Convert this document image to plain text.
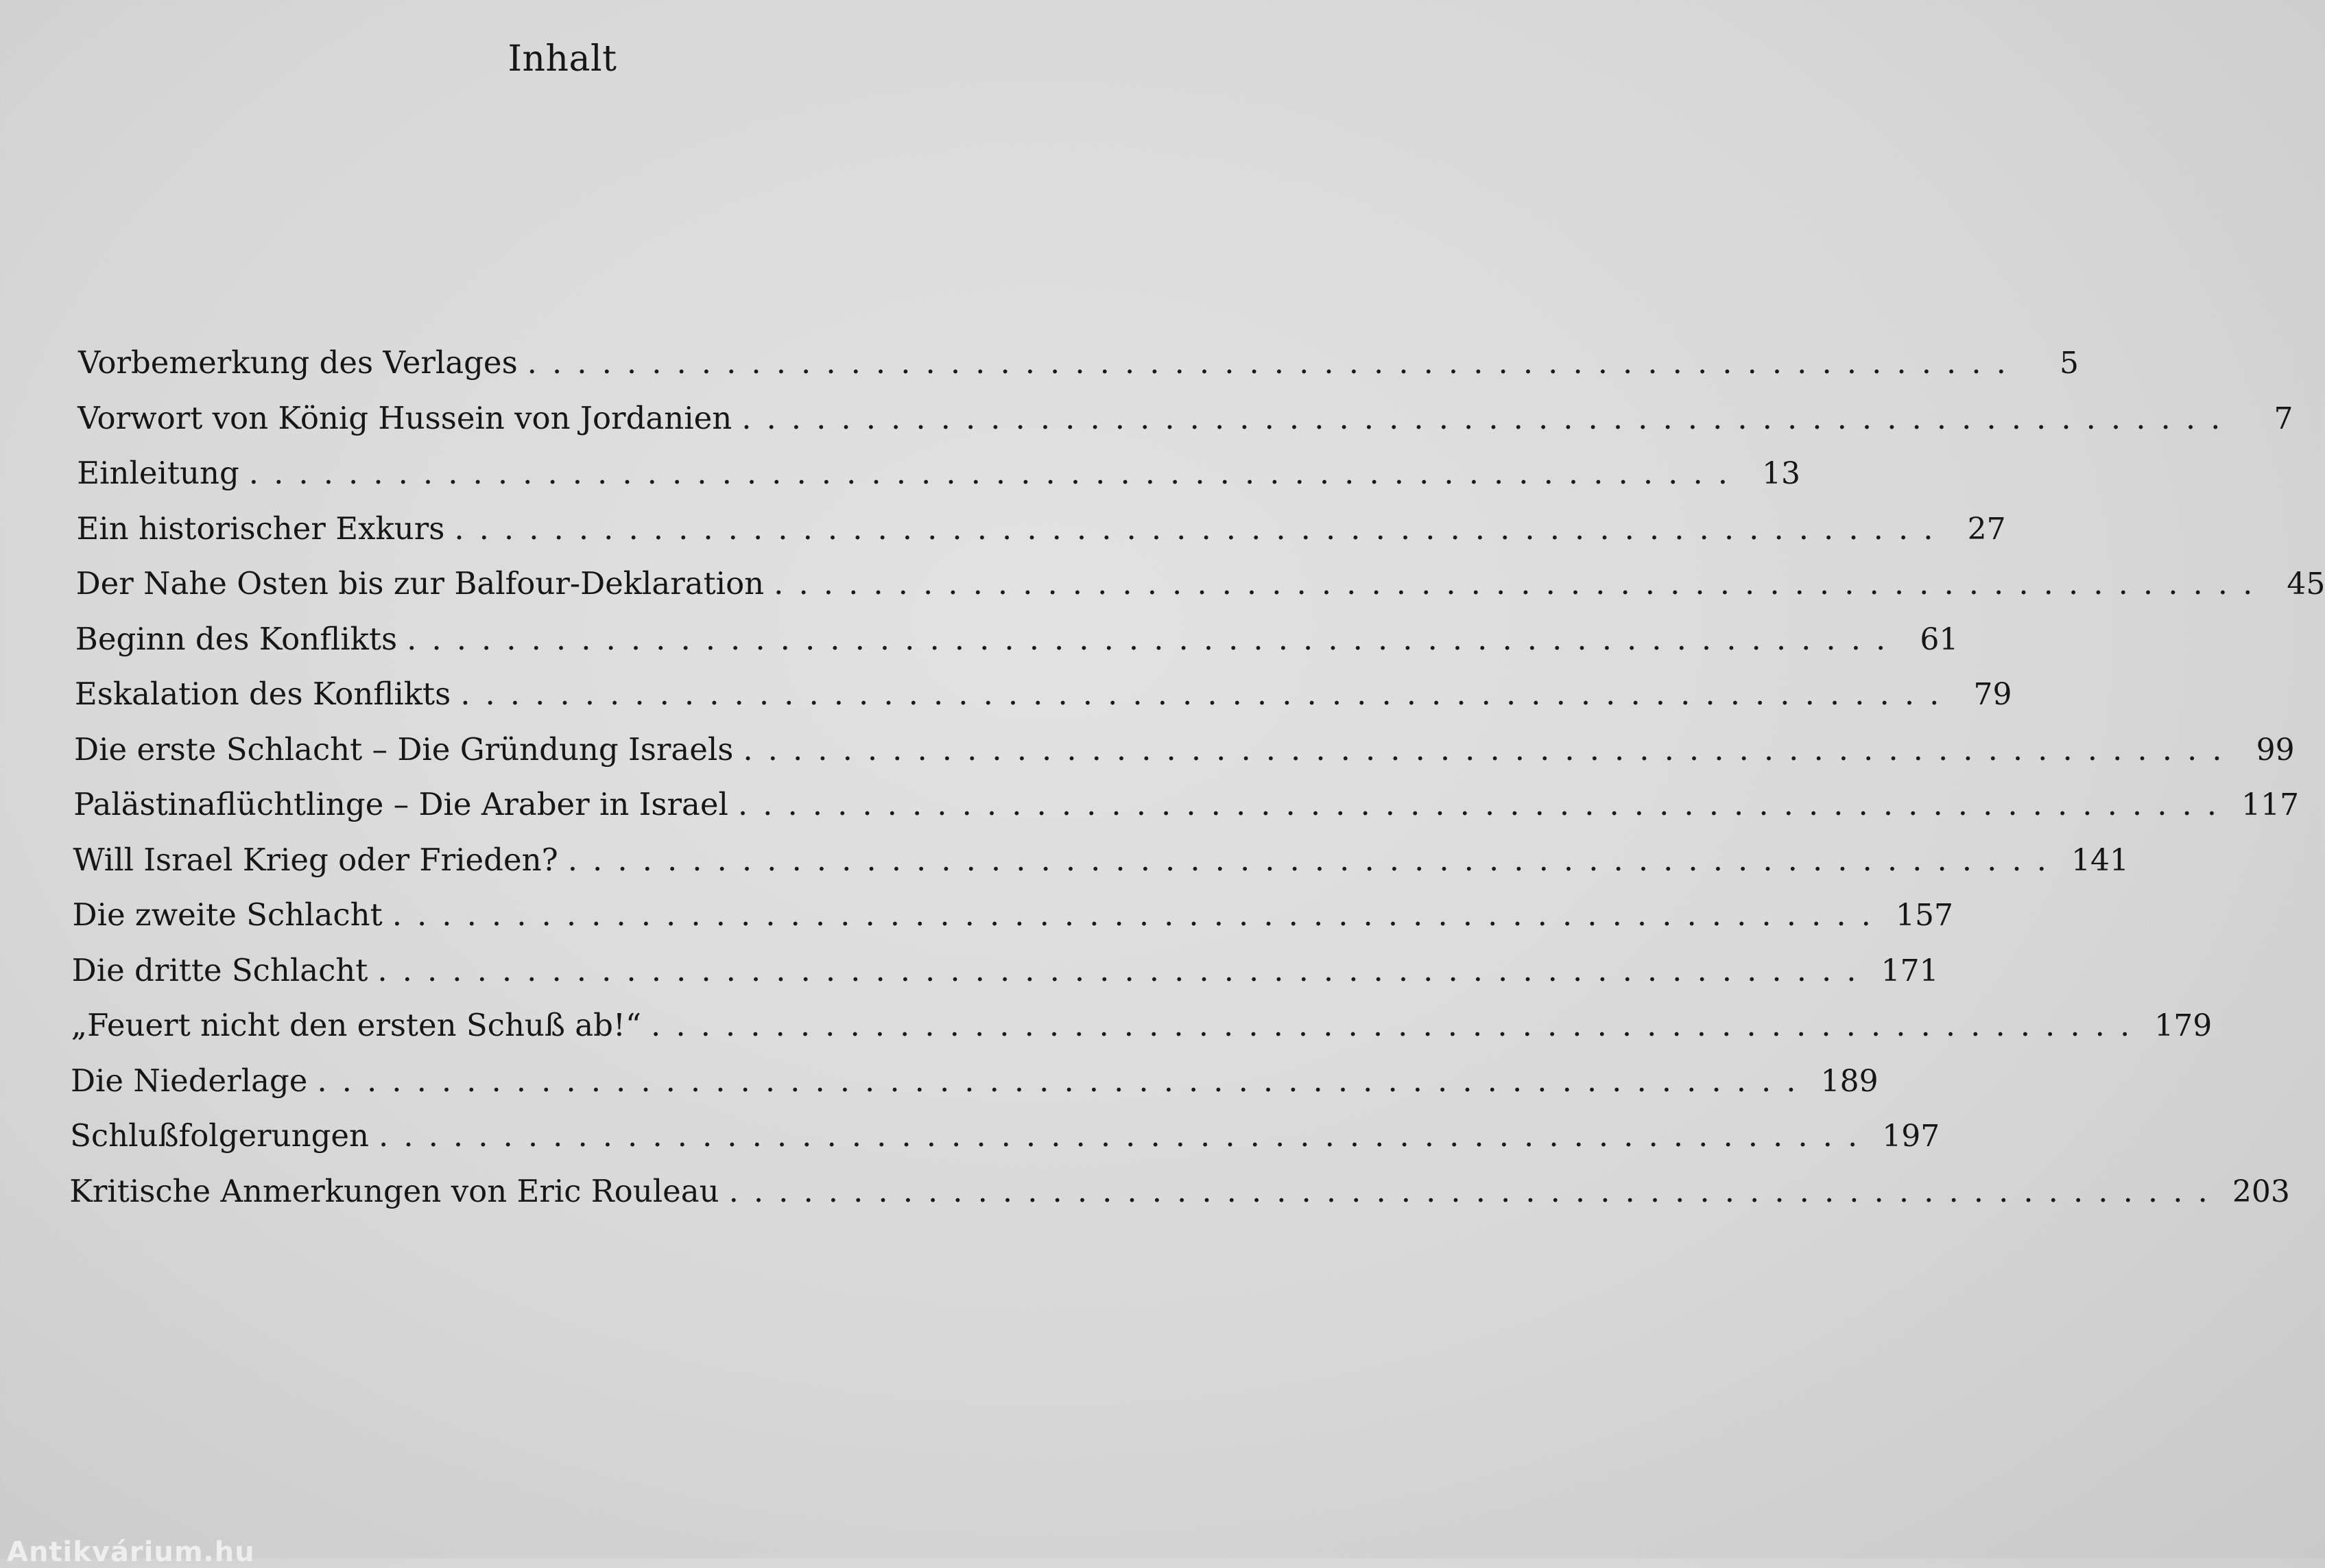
Inhalt
Vorbemerkung des Verlages ............................................................	5
Vorwort von König Hussein von Jordanien ............................................................	7
Einleitung ............................................................ 13
Ein historischer Exkurs ............................................................ 27
Der Nahe Osten bis zur Balfour-Deklaration ............................................................ 45
Beginn des Konflikts ............................................................ 61
Eskalation des Konflikts ............................................................ 79
Die erste Schlacht – Die Gründung Israels ............................................................ 99
Palästinaflüchtlinge – Die Araber in Israel ............................................................ 117
Will Israel Krieg oder Frieden? ............................................................ 141
Die zweite Schlacht ............................................................ 157
Die dritte Schlacht ............................................................ 171
„Feuert nicht den ersten Schuß ab!“ ............................................................ 179
Die Niederlage ............................................................ 189
Schlußfolgerungen ............................................................ 197
Kritische Anmerkungen von Eric Rouleau ............................................................ 203
Antikvárium.hu
